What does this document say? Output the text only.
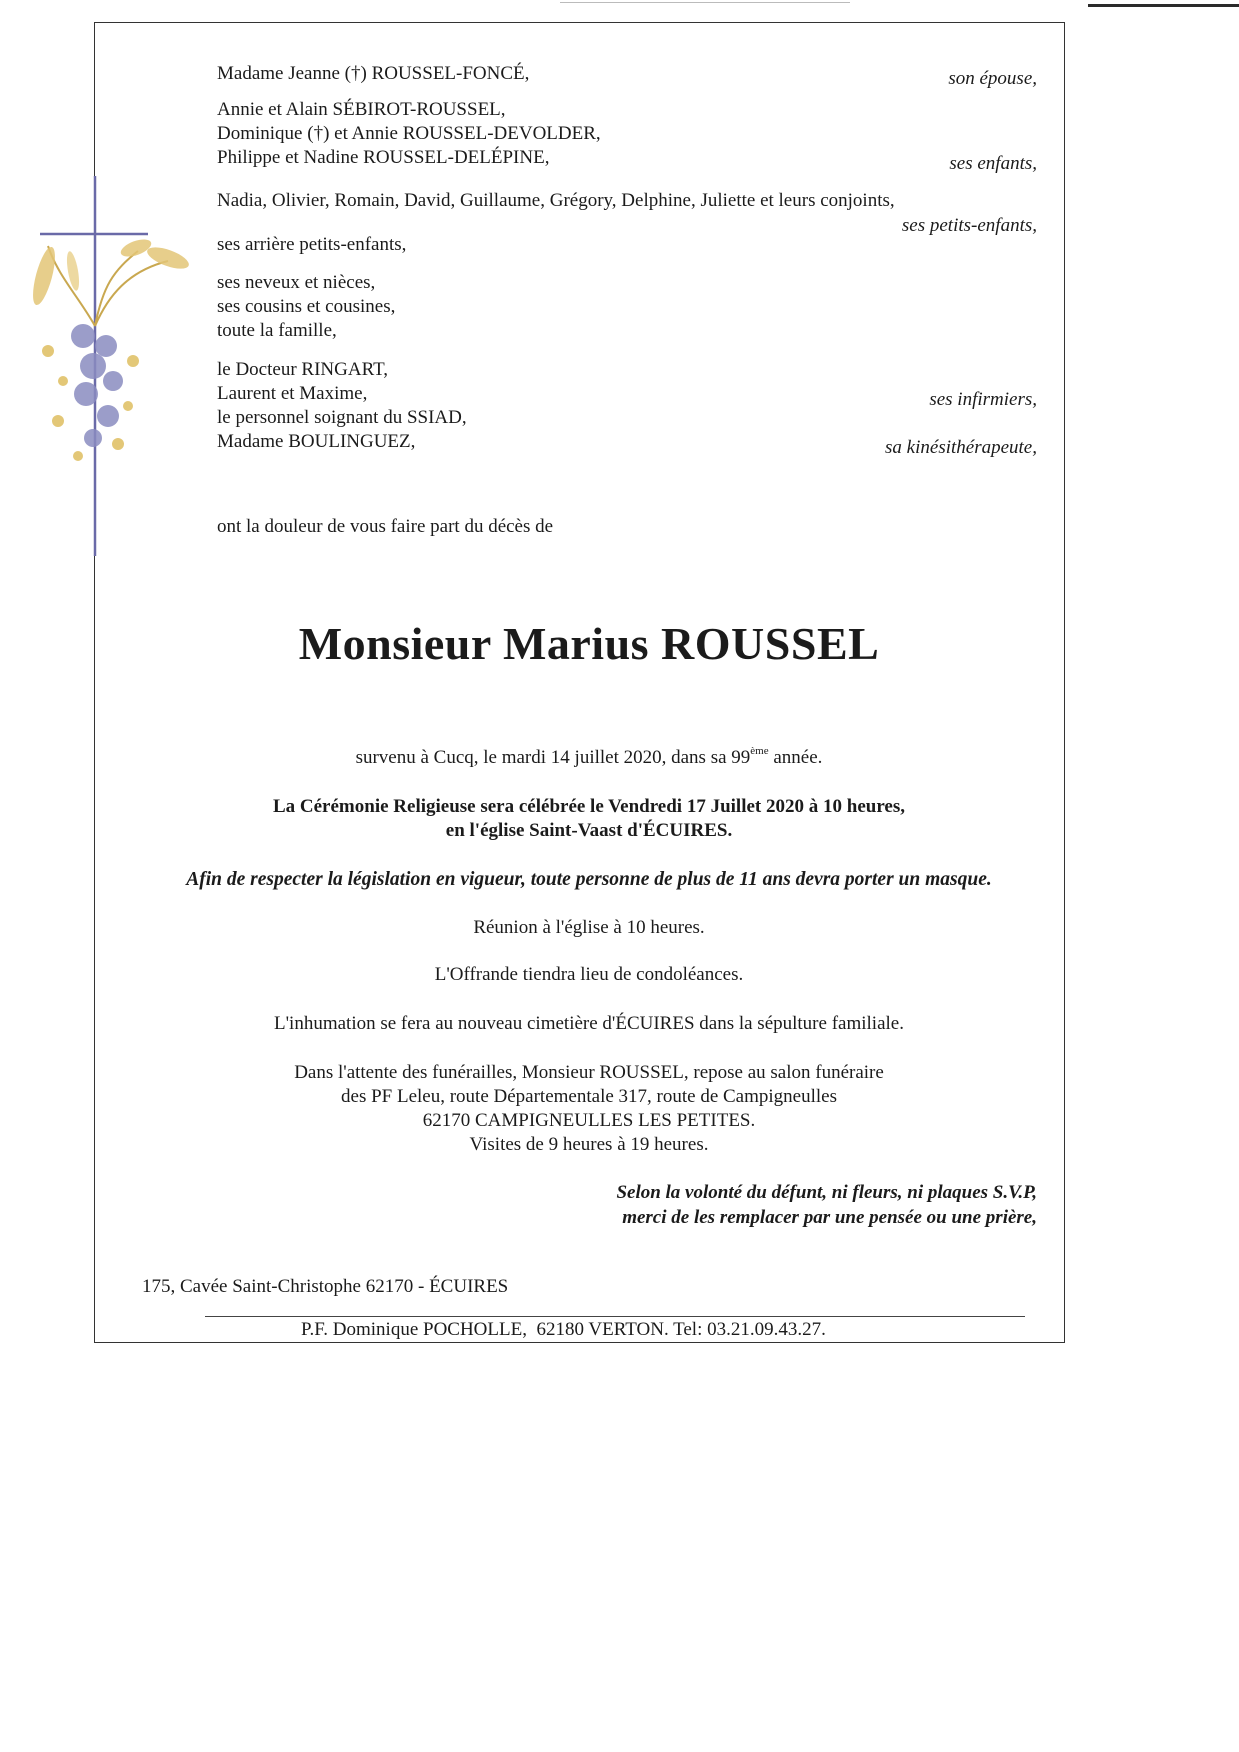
Madame Jeanne (†) ROUSSEL-FONCÉ,	son épouse,
Annie et Alain SÉBIROT-ROUSSEL,
Dominique (†) et Annie ROUSSEL-DEVOLDER,
Philippe et Nadine ROUSSEL-DELÉPINE,	ses enfants,
Nadia, Olivier, Romain, David, Guillaume, Grégory, Delphine, Juliette et leurs conjoints,
ses petits-enfants,
ses arrière petits-enfants,
ses neveux et nièces,
ses cousins et cousines,
toute la famille,
le Docteur RINGART,
Laurent et Maxime,	ses infirmiers,
le personnel soignant du SSIAD,
Madame BOULINGUEZ,	sa kinésithérapeute,
ont la douleur de vous faire part du décès de
Monsieur Marius ROUSSEL
survenu à Cucq, le mardi 14 juillet 2020, dans sa 99ème année.
La Cérémonie Religieuse sera célébrée le Vendredi 17 Juillet 2020 à 10 heures,
en l'église Saint-Vaast d'ÉCUIRES.
Afin de respecter la législation en vigueur, toute personne de plus de 11 ans devra porter un masque.
Réunion à l'église à 10 heures.
L'Offrande tiendra lieu de condoléances.
L'inhumation se fera au nouveau cimetière d'ÉCUIRES dans la sépulture familiale.
Dans l'attente des funérailles, Monsieur ROUSSEL, repose au salon funéraire
des PF Leleu, route Départementale 317, route de Campigneulles
62170 CAMPIGNEULLES LES PETITES.
Visites de 9 heures à 19 heures.
Selon la volonté du défunt, ni fleurs, ni plaques S.V.P,
merci de les remplacer par une pensée ou une prière,
175, Cavée Saint-Christophe 62170 - ÉCUIRES
P.F. Dominique POCHOLLE,  62180 VERTON. Tel: 03.21.09.43.27.
